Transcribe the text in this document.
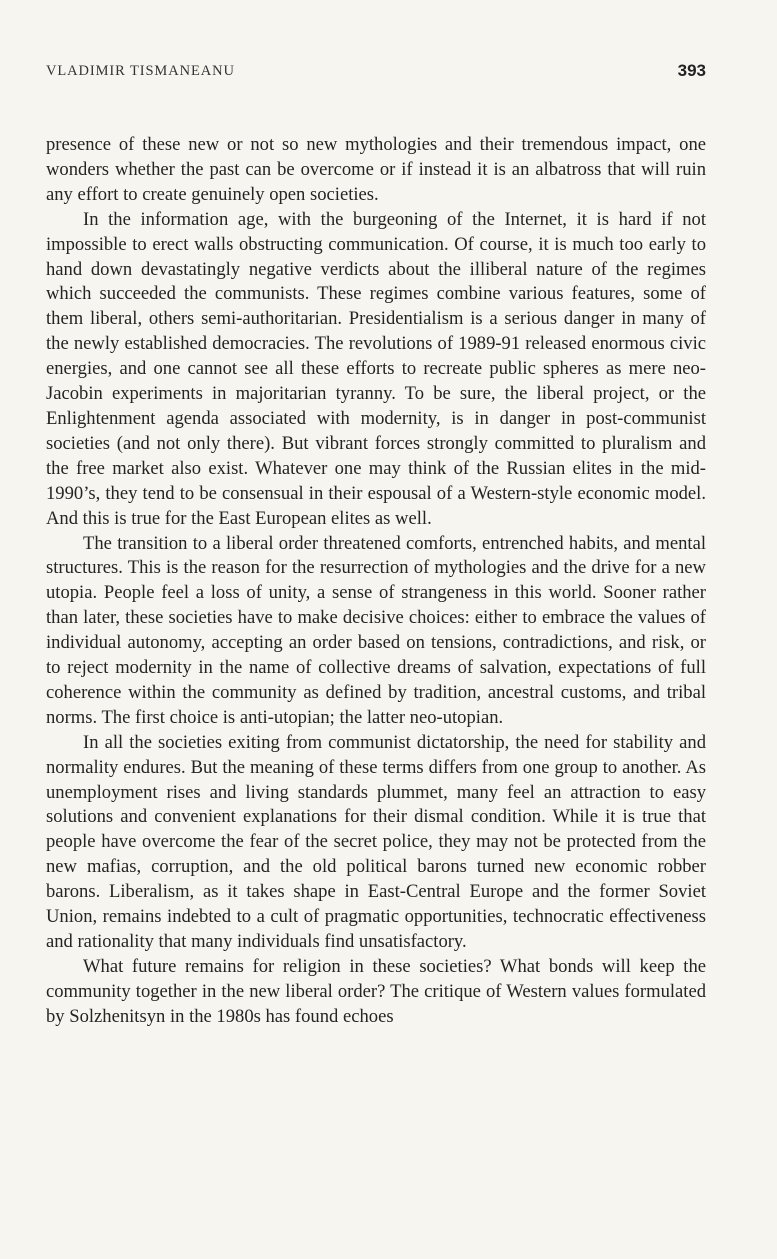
VLADIMIR TISMANEANU	393

presence of these new or not so new mythologies and their tremendous impact, one wonders whether the past can be overcome or if instead it is an albatross that will ruin any effort to create genuinely open societies.

In the information age, with the burgeoning of the Internet, it is hard if not impossible to erect walls obstructing communication. Of course, it is much too early to hand down devastatingly negative verdicts about the illiberal nature of the regimes which succeeded the communists. These regimes combine various features, some of them liberal, others semi-authoritarian. Presidentialism is a serious danger in many of the newly established democracies. The revolutions of 1989-91 released enormous civic energies, and one cannot see all these efforts to recreate public spheres as mere neo-Jacobin experiments in majoritarian tyranny. To be sure, the liberal project, or the Enlightenment agenda associated with modernity, is in danger in post-communist societies (and not only there). But vibrant forces strongly committed to pluralism and the free market also exist. Whatever one may think of the Russian elites in the mid-1990’s, they tend to be consensual in their espousal of a Western-style economic model. And this is true for the East European elites as well.

The transition to a liberal order threatened comforts, entrenched habits, and mental structures. This is the reason for the resurrection of mythologies and the drive for a new utopia. People feel a loss of unity, a sense of strangeness in this world. Sooner rather than later, these societies have to make decisive choices: either to embrace the values of individual autonomy, accepting an order based on tensions, contradictions, and risk, or to reject modernity in the name of collective dreams of salvation, expectations of full coherence within the community as defined by tradition, ancestral customs, and tribal norms. The first choice is anti-utopian; the latter neo-utopian.

In all the societies exiting from communist dictatorship, the need for stability and normality endures. But the meaning of these terms differs from one group to another. As unemployment rises and living standards plummet, many feel an attraction to easy solutions and convenient explanations for their dismal condition. While it is true that people have overcome the fear of the secret police, they may not be protected from the new mafias, corruption, and the old political barons turned new economic robber barons. Liberalism, as it takes shape in East-Central Europe and the former Soviet Union, remains indebted to a cult of pragmatic opportunities, technocratic effectiveness and rationality that many individuals find unsatisfactory.

What future remains for religion in these societies? What bonds will keep the community together in the new liberal order? The critique of Western values formulated by Solzhenitsyn in the 1980s has found echoes
